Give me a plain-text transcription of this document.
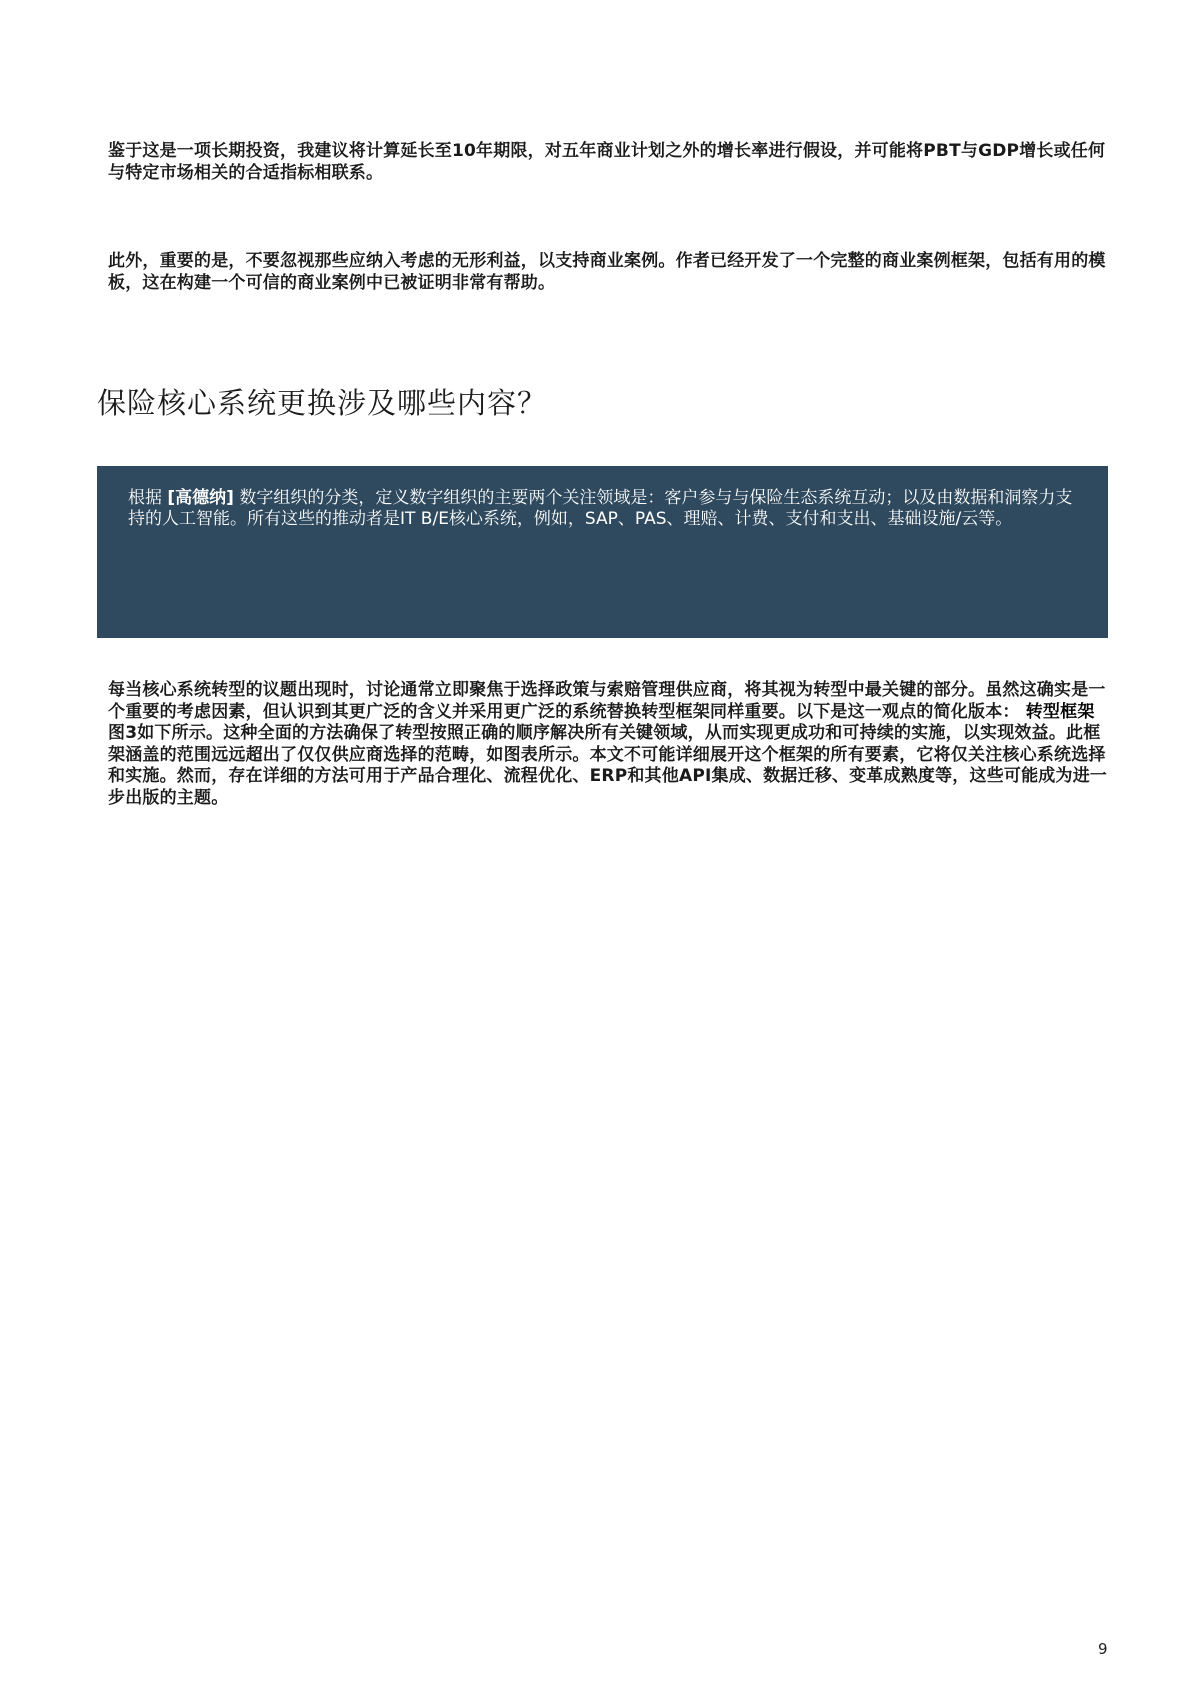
鉴于这是一项长期投资，我建议将计算延长至10年期限，对五年商业计划之外的增长率进行假设，并可能将PBT与GDP增长或任何与特定市场相关的合适指标相联系。

此外，重要的是，不要忽视那些应纳入考虑的无形利益，以支持商业案例。作者已经开发了一个完整的商业案例框架，包括有用的模板，这在构建一个可信的商业案例中已被证明非常有帮助。

保险核心系统更换涉及哪些内容？

根据 [高德纳] 数字组织的分类，定义数字组织的主要两个关注领域是：客户参与与保险生态系统互动；以及由数据和洞察力支持的人工智能。所有这些的推动者是IT B/E核心系统，例如，SAP、PAS、理赔、计费、支付和支出、基础设施/云等。

每当核心系统转型的议题出现时，讨论通常立即聚焦于选择政策与索赔管理供应商，将其视为转型中最关键的部分。虽然这确实是一个重要的考虑因素，但认识到其更广泛的含义并采用更广泛的系统替换转型框架同样重要。以下是这一观点的简化版本： 转型框架 图3如下所示。这种全面的方法确保了转型按照正确的顺序解决所有关键领域，从而实现更成功和可持续的实施，以实现效益。此框架涵盖的范围远远超出了仅仅供应商选择的范畴，如图表所示。本文不可能详细展开这个框架的所有要素，它将仅关注核心系统选择和实施。然而，存在详细的方法可用于产品合理化、流程优化、ERP和其他API集成、数据迁移、变革成熟度等，这些可能成为进一步出版的主题。

9
